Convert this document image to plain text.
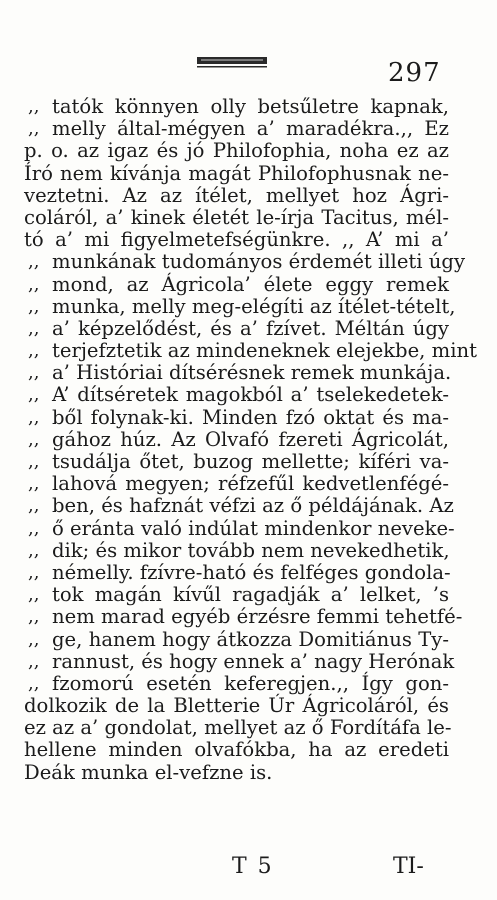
297
,, tatók könnyen olly betsűletre kapnak,
,, melly által-mégyen a’ maradékra.,, Ez
p. o. az igaz és jó Philofophia, noha ez az
Író nem kívánja magát Philofophusnak ne-
veztetni. Az az ítélet, mellyet hoz Ágri-
coláról, a’ kinek életét le-írja Tacitus, mél-
tó a’ mi figyelmetefségünkre. ,, A’ mi a’
,, munkának tudományos érdemét illeti úgy
,, mond, az Ágricola’ élete eggy remek
,, munka, melly meg-elégíti az ítélet-tételt,
,, a’ képzelődést, és a’ fzívet. Méltán úgy
,, terjefztetik az mindeneknek elejekbe, mint
,, a’ Históriai dítsérésnek remek munkája.
,, A’ dítséretek magokból a’ tselekedetek-
,, ből folynak-ki. Minden fzó oktat és ma-
,, gához húz. Az Olvafó fzereti Ágricolát,
,, tsudálja őtet, buzog mellette; kíféri va-
,, lahová megyen; réfzefűl kedvetlenfégé-
,, ben, és hafznát véfzi az ő példájának. Az
,, ő eránta való indúlat mindenkor neveke-
,, dik; és mikor tovább nem nevekedhetik,
,, némelly. fzívre-ható és felféges gondola-
,, tok magán kívűl ragadják a’ lelket, ’s
,, nem marad egyéb érzésre femmi tehetfé-
,, ge, hanem hogy átkozza Domitiánus Ty-
,, rannust, és hogy ennek a’ nagy Herónak
,, fzomorú esetén keferegjen.,, Így gon-
dolkozik de la Bletterie Úr Ágricoláról, és
ez az a’ gondolat, mellyet az ő Fordítáfa le-
hellene minden olvafókba, ha az eredeti
Deák munka el-vefzne is.
T 5	TI-
